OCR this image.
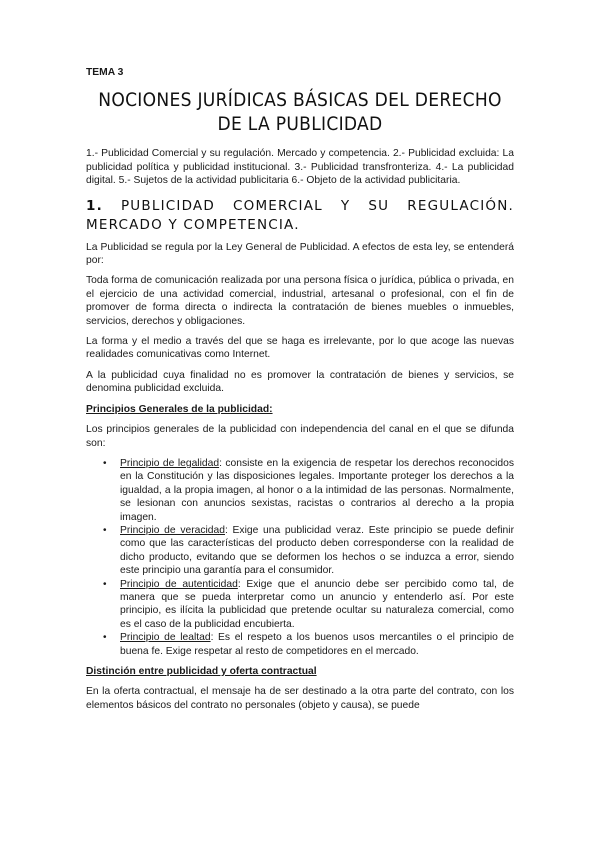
TEMA 3
NOCIONES JURÍDICAS BÁSICAS DEL DERECHO DE LA PUBLICIDAD
1.- Publicidad Comercial y su regulación. Mercado y competencia. 2.- Publicidad excluida: La publicidad política y publicidad institucional. 3.- Publicidad transfronteriza. 4.- La publicidad digital. 5.- Sujetos de la actividad publicitaria 6.- Objeto de la actividad publicitaria.
1. PUBLICIDAD COMERCIAL Y SU REGULACIÓN. MERCADO Y COMPETENCIA.

La Publicidad se regula por la Ley General de Publicidad. A efectos de esta ley, se entenderá por:

Toda forma de comunicación realizada por una persona física o jurídica, pública o privada, en el ejercicio de una actividad comercial, industrial, artesanal o profesional, con el fin de promover de forma directa o indirecta la contratación de bienes muebles o inmuebles, servicios, derechos y obligaciones.

La forma y el medio a través del que se haga es irrelevante, por lo que acoge las nuevas realidades comunicativas como Internet.

A la publicidad cuya finalidad no es promover la contratación de bienes y servicios, se denomina publicidad excluida.

Principios Generales de la publicidad:

Los principios generales de la publicidad con independencia del canal en el que se difunda son:

• Principio de legalidad: consiste en la exigencia de respetar los derechos reconocidos en la Constitución y las disposiciones legales. Importante proteger los derechos a la igualdad, a la propia imagen, al honor o a la intimidad de las personas. Normalmente, se lesionan con anuncios sexistas, racistas o contrarios al derecho a la propia imagen.
• Principio de veracidad: Exige una publicidad veraz. Este principio se puede definir como que las características del producto deben corresponderse con la realidad de dicho producto, evitando que se deformen los hechos o se induzca a error, siendo este principio una garantía para el consumidor.
• Principio de autenticidad: Exige que el anuncio debe ser percibido como tal, de manera que se pueda interpretar como un anuncio y entenderlo así. Por este principio, es ilícita la publicidad que pretende ocultar su naturaleza comercial, como es el caso de la publicidad encubierta.
• Principio de lealtad: Es el respeto a los buenos usos mercantiles o el principio de buena fe. Exige respetar al resto de competidores en el mercado.
Distinción entre publicidad y oferta contractual

En la oferta contractual, el mensaje ha de ser destinado a la otra parte del contrato, con los elementos básicos del contrato no personales (objeto y causa), se puede
